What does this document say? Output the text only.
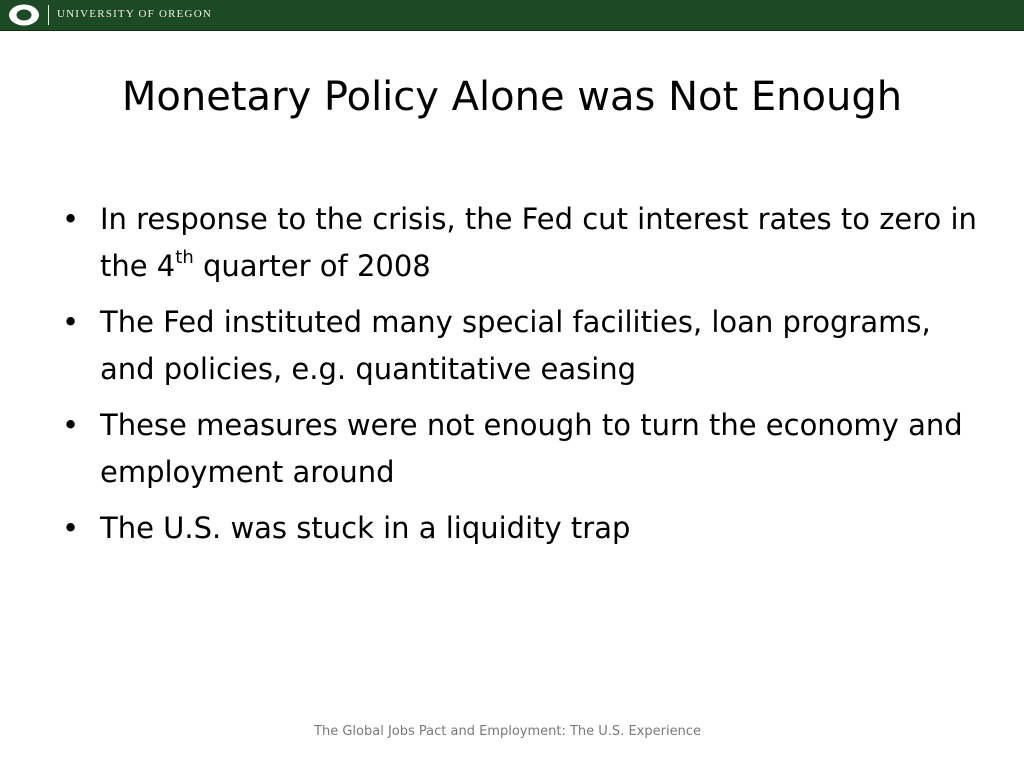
UNIVERSITY OF OREGON
Monetary Policy Alone was Not Enough
• In response to the crisis, the Fed cut interest rates to zero in the 4th quarter of 2008
• The Fed instituted many special facilities, loan programs, and policies, e.g. quantitative easing
• These measures were not enough to turn the economy and employment around
• The U.S. was stuck in a liquidity trap
The Global Jobs Pact and Employment: The U.S. Experience
